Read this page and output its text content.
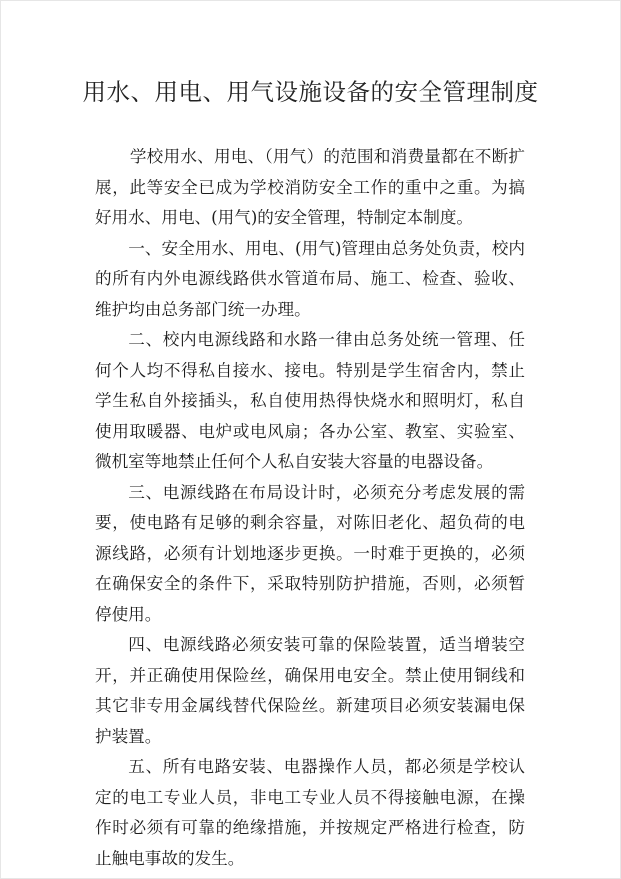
用水、用电、用气设施设备的安全管理制度

学校用水、用电、（用气）的范围和消费量都在不断扩展，此等安全已成为学校消防安全工作的重中之重。为搞好用水、用电、(用气)的安全管理，特制定本制度。

一、安全用水、用电、(用气)管理由总务处负责，校内的所有内外电源线路供水管道布局、施工、检查、验收、维护均由总务部门统一办理。

二、校内电源线路和水路一律由总务处统一管理、任何个人均不得私自接水、接电。特别是学生宿舍内，禁止学生私自外接插头，私自使用热得快烧水和照明灯，私自使用取暖器、电炉或电风扇；各办公室、教室、实验室、微机室等地禁止任何个人私自安装大容量的电器设备。

三、电源线路在布局设计时，必须充分考虑发展的需要，使电路有足够的剩余容量，对陈旧老化、超负荷的电源线路，必须有计划地逐步更换。一时难于更换的，必须在确保安全的条件下，采取特别防护措施，否则，必须暂停使用。

四、电源线路必须安装可靠的保险装置，适当增装空开，并正确使用保险丝，确保用电安全。禁止使用铜线和其它非专用金属线替代保险丝。新建项目必须安装漏电保护装置。

五、所有电路安装、电器操作人员，都必须是学校认定的电工专业人员，非电工专业人员不得接触电源，在操作时必须有可靠的绝缘措施，并按规定严格进行检查，防止触电事故的发生。
